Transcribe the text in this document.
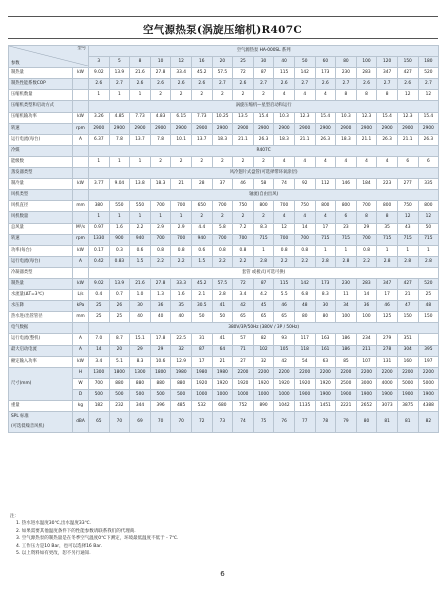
空气源热泵(涡旋压缩机)R407C
型号
参数		空气源热泵 HA-000SL 系列																
		3	5	8	10	12	16	20	25	30	40	50	60	80	100	120	150	180
制热量	kW	9.02	13.9	21.6	27.8	33.4	45.2	57.5	72	87	115	142	173	230	283	347	427	520
制热性能系数COP		2.6	2.7	2.6	2.6	2.6	2.6	2.7	2.6	2.7	2.6	2.7	2.6	2.7	2.6	2.7	2.6	2.7
压缩机数量		1	1	1	2	2	2	2	2	2	4	4	4	8	8	8	12	12
压缩机类型和启动方式		涡旋压缩机—星型启动和运行																
压缩机输功率	kW	3.26	4.85	7.73	4.83	6.15	7.73	10.25	13.5	15.4	10.3	12.3	15.4	10.3	12.3	15.4	12.3	15.4
转速	rpm	2900	2900	2900	2900	2900	2900	2900	2900	2900	2900	2900	2900	2900	2900	2900	2900	2900
运行电流(每台)	A	6.37	7.8	13.7	7.8	10.1	13.7	18.3	21.1	26.3	18.3	21.1	26.3	18.3	21.1	26.3	21.1	26.3
冷媒		R407C																
能级数		1	1	1	2	2	2	2	2	2	4	4	4	4	4	4	6	6
蒸发器类型		风冷翅片式盘管(可选择带环氧涂层)																
制冷量	kW	3.77	9.04	13.8	18.3	21	28	37	46	58	74	92	112	146	184	223	277	335
风机类型		轴流(自由出风)																
风机直径	mm	380	550	550	700	700	650	700	750	800	700	750	800	800	700	800	750	800
风机数量		1	1	1	1	1	2	2	2	2	4	4	4	6	8	8	12	12
总风量	M³/s	0.97	1.6	2.2	2.9	2.9	4.4	5.8	7.2	8.3	12	14	17	23	29	35	43	50
转速	rpm	1330	900	940	700	700	940	700	700	715	700	700	715	715	700	715	715	715
功率(每台)	kW	0.17	0.3	0.6	0.8	0.8	0.6	0.8	0.8	1	0.8	0.8	1	1	0.8	1	1	1
运行电流(每台)	A	0.42	0.83	1.5	2.2	2.2	1.5	2.2	2.2	2.8	2.2	2.2	2.8	2.8	2.2	2.8	2.8	2.8
冷凝器类型		套管 或板式(可选可换)																
制热量	kW	9.02	13.9	21.6	27.8	33.3	45.2	57.5	72	87	115	142	173	230	283	347	427	520
水流量(ΔT=3℃)	L/s	0.4	0.7	1.0	1.3	1.6	2.1	2.8	3.4	4.2	5.5	6.8	8.3	11	14	17	21	25
水压降	kPa	25	26	30	36	35	30.5	41	42	45	46	48	30	34	36	46	47	48
热水进/出管管径	mm	25	25	40	40	40	50	50	65	65	65	80	80	100	100	125	150	150
电气数据		380V/3P/50Hz (380V / 3P / 50Hz)																
运行电流(整机)	A	7.0	8.7	15.1	17.8	22.5	31	41	57	82	93	117	163	186	234	279	351	
最大启动电流	A	14	20	29	29	32	87	64	71	102	105	118	161	186	211	278	304	395
额定输入功率	kW	3.4	5.1	8.3	10.6	12.9	17	21	27	32	42	54	63	85	107	131	160	197
尺寸(mm)	H	1300	1800	1300	1800	1980	1980	1980	2200	2200	2200	2200	2200	2200	2200	2200	2200	2200
	W	700	880	880	880	880	1920	1920	1920	1920	1920	1920	1920	2500	3000	4000	5000	5000
	D	500	500	500	500	500	1000	1000	1000	1000	1000	1900	1900	1900	1900	1900	1900	1900
重量	kg	182	232	344	396	485	532	680	752	890	1042	1135	1451	2221	2652	3073	3875	4388

SPL 标准
(可选低噪音风机)	dBA	65	70	69	70	70	72	73	74	75	76	77	78	79	80	81	81	82
注：
1. 热水进水温度30℃,出水温度33℃.
2. 如果需要其他温度条件下的性能参数请联系我们的代理商.
3. 空气源热泵的制热量是在冬季空气温度0℃下测定，环境最低温度不低于 - 7℃.
4. 工作压力是10 Bar，也可以选择16 Bar.
5. 以上资料如有更改，恕不另行通知.
6
